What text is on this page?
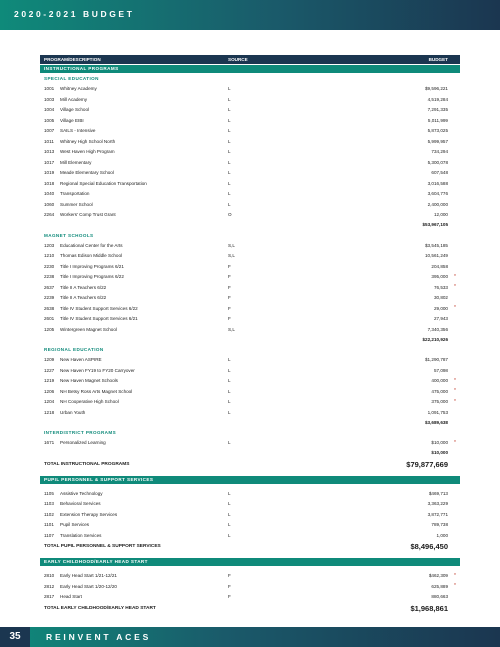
2020-2021 BUDGET
PROGRAM/DESCRIPTION	SOURCE	BUDGET
INSTRUCTIONAL PROGRAMS
SPECIAL EDUCATION
1001 Whitney Academy	L	$9,596,221
1003 Mill Academy	L	4,519,284
1004 Village School	L	7,291,335
1005 Village EIBI	L	5,011,999
1007 SAILS - Intensive	L	5,873,025
1011 Whitney High School North	L	5,999,957
1013 West Haven High Program	L	734,294
1017 Mill Elementary	L	5,300,078
1019 Meade Elementary School	L	607,548
1018 Regional Special Education Transportation	L	3,016,588
1040 Transportation	L	3,604,776
1060 Summer School	L	2,400,000
2264 Workers' Comp Trust Grant	O	12,000
$53,967,105
MAGNET SCHOOLS
1203 Educational Center for the Arts	S,L	$3,545,185
1210 Thomas Edison Middle School	S,L	10,561,249
2230 Title I Improving Programs 6/21	F	204,858
2238 Title I Improving Programs 6/22	F	395,000 *
2637 Title II A Teachers 6/22	F	76,533 *
2239 Title II A Teachers 6/22	F	30,802
2638 Title IV Student Support Services 6/22	F	29,000 *
2601 Title IV Student Support Services 6/21	F	27,943
1205 Wintergreen Magnet School	S,L	7,340,356
$22,210,926
REGIONAL EDUCATION
1209 New Haven ASPIRE	L	$1,290,787
1227 New Haven FY19 to FY20 Carryover	L	57,098
1219 New Haven Magnet Schools	L	400,000 *
1206 NH Betsy Ross Arts Magnet School	L	475,000 *
1204 NH Cooperative High School	L	375,000 *
1218 Urban Youth	L	1,091,753
$3,689,638
INTERDISTRICT PROGRAMS
1671 Personalized Learning	L	$10,000 *
$10,000
TOTAL INSTRUCTIONAL PROGRAMS	$79,877,669
PUPIL PERSONNEL & SUPPORT SERVICES
1105 Assistive Technology	L	$469,713
1103 Behavioral Services	L	3,363,229
1102 Extension Therapy Services	L	3,872,771
1101 Pupil Services	L	789,738
1107 Translation Services	L	1,000
TOTAL PUPIL PERSONNEL & SUPPORT SERVICES	$8,496,450
EARLY CHILDHOOD/EARLY HEAD START
2810 Early Head Start 1/21-12/21	F	$462,309 *
2812 Early Head Start 1/20-12/20	F	625,889 *
2817 Head Start	F	880,663
TOTAL EARLY CHILDHOOD/EARLY HEAD START	$1,968,861
35	REINVENT ACES
